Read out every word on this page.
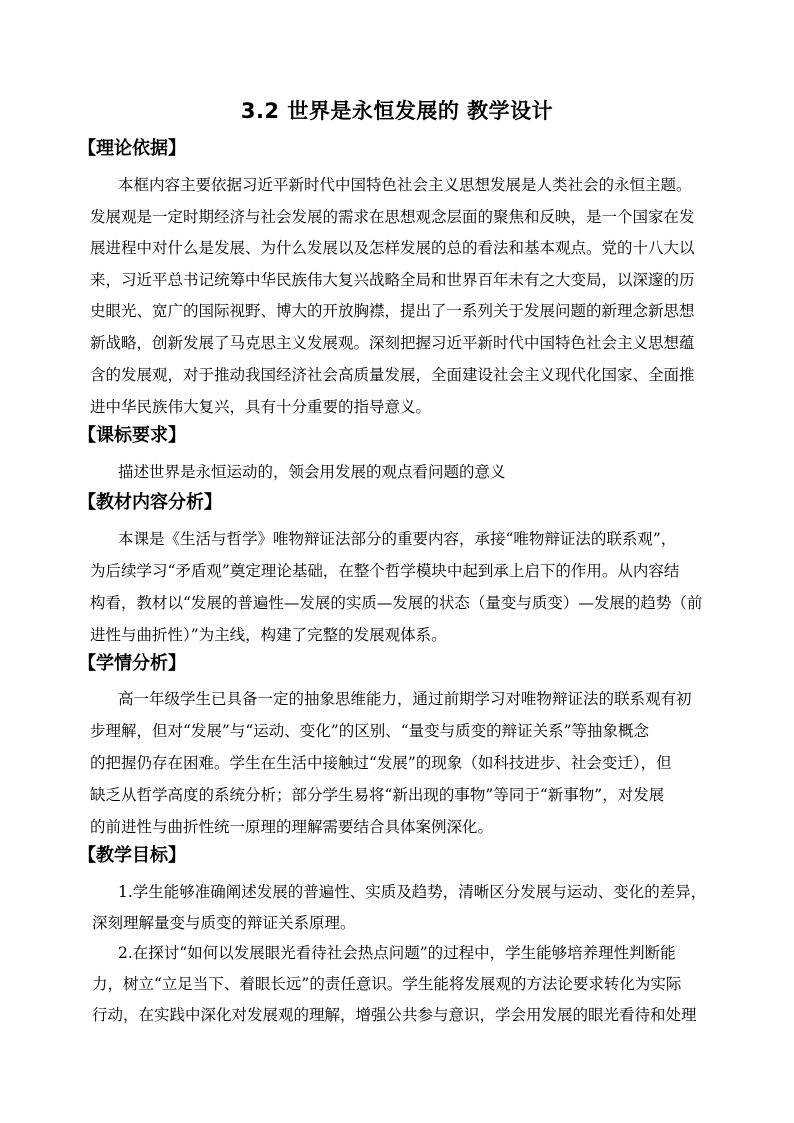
3.2 世界是永恒发展的 教学设计
【理论依据】
本框内容主要依据习近平新时代中国特色社会主义思想发展是人类社会的永恒主题。
发展观是一定时期经济与社会发展的需求在思想观念层面的聚焦和反映，是一个国家在发
展进程中对什么是发展、为什么发展以及怎样发展的总的看法和基本观点。党的十八大以
来，习近平总书记统筹中华民族伟大复兴战略全局和世界百年未有之大变局，以深邃的历
史眼光、宽广的国际视野、博大的开放胸襟，提出了一系列关于发展问题的新理念新思想
新战略，创新发展了马克思主义发展观。深刻把握习近平新时代中国特色社会主义思想蕴
含的发展观，对于推动我国经济社会高质量发展，全面建设社会主义现代化国家、全面推
进中华民族伟大复兴，具有十分重要的指导意义。
【课标要求】
描述世界是永恒运动的，领会用发展的观点看问题的意义
【教材内容分析】
本课是《生活与哲学》唯物辩证法部分的重要内容，承接“唯物辩证法的联系观”，
为后续学习“矛盾观”奠定理论基础，在整个哲学模块中起到承上启下的作用。从内容结
构看，教材以“发展的普遍性—发展的实质—发展的状态（量变与质变）—发展的趋势（前
进性与曲折性）”为主线，构建了完整的发展观体系。
【学情分析】
高一年级学生已具备一定的抽象思维能力，通过前期学习对唯物辩证法的联系观有初
步理解，但对“发展”与“运动、变化”的区别、“量变与质变的辩证关系”等抽象概念
的把握仍存在困难。学生在生活中接触过“发展”的现象（如科技进步、社会变迁），但
缺乏从哲学高度的系统分析；部分学生易将“新出现的事物”等同于“新事物”，对发展
的前进性与曲折性统一原理的理解需要结合具体案例深化。
【教学目标】
1.学生能够准确阐述发展的普遍性、实质及趋势，清晰区分发展与运动、变化的差异，
深刻理解量变与质变的辩证关系原理。
2.在探讨“如何以发展眼光看待社会热点问题”的过程中，学生能够培养理性判断能
力，树立“立足当下、着眼长远”的责任意识。学生能将发展观的方法论要求转化为实际
行动，在实践中深化对发展观的理解，增强公共参与意识，学会用发展的眼光看待和处理
